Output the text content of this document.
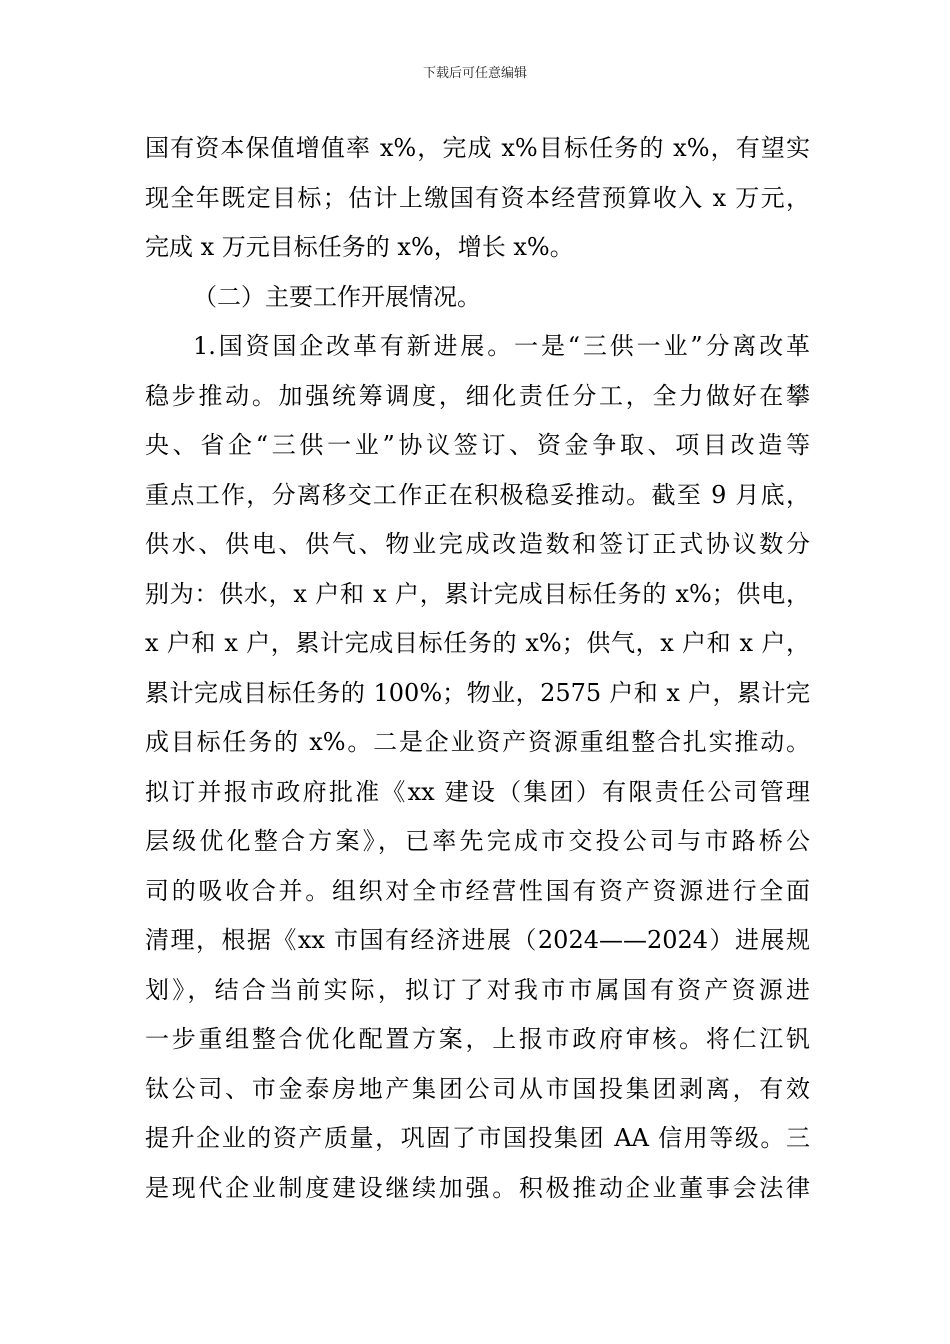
下载后可任意编辑
国有资本保值增值率 x%，完成 x%目标任务的 x%，有望实
现全年既定目标；估计上缴国有资本经营预算收入 x 万元，
完成 x 万元目标任务的 x%，增长 x%。
（二）主要工作开展情况。
1.国资国企改革有新进展。一是“三供一业”分离改革
稳步推动。加强统筹调度，细化责任分工，全力做好在攀
央、省企“三供一业”协议签订、资金争取、项目改造等
重点工作，分离移交工作正在积极稳妥推动。截至 9 月底，
供水、供电、供气、物业完成改造数和签订正式协议数分
别为：供水，x 户和 x 户，累计完成目标任务的 x%；供电，
x 户和 x 户，累计完成目标任务的 x%；供气，x 户和 x 户，
累计完成目标任务的 100%；物业，2575 户和 x 户，累计完
成目标任务的 x%。二是企业资产资源重组整合扎实推动。
拟订并报市政府批准《xx 建设（集团）有限责任公司管理
层级优化整合方案》，已率先完成市交投公司与市路桥公
司的吸收合并。组织对全市经营性国有资产资源进行全面
清理，根据《xx 市国有经济进展（2024——2024）进展规
划》，结合当前实际，拟订了对我市市属国有资产资源进
一步重组整合优化配置方案，上报市政府审核。将仁江钒
钛公司、市金泰房地产集团公司从市国投集团剥离，有效
提升企业的资产质量，巩固了市国投集团 AA 信用等级。三
是现代企业制度建设继续加强。积极推动企业董事会法律
